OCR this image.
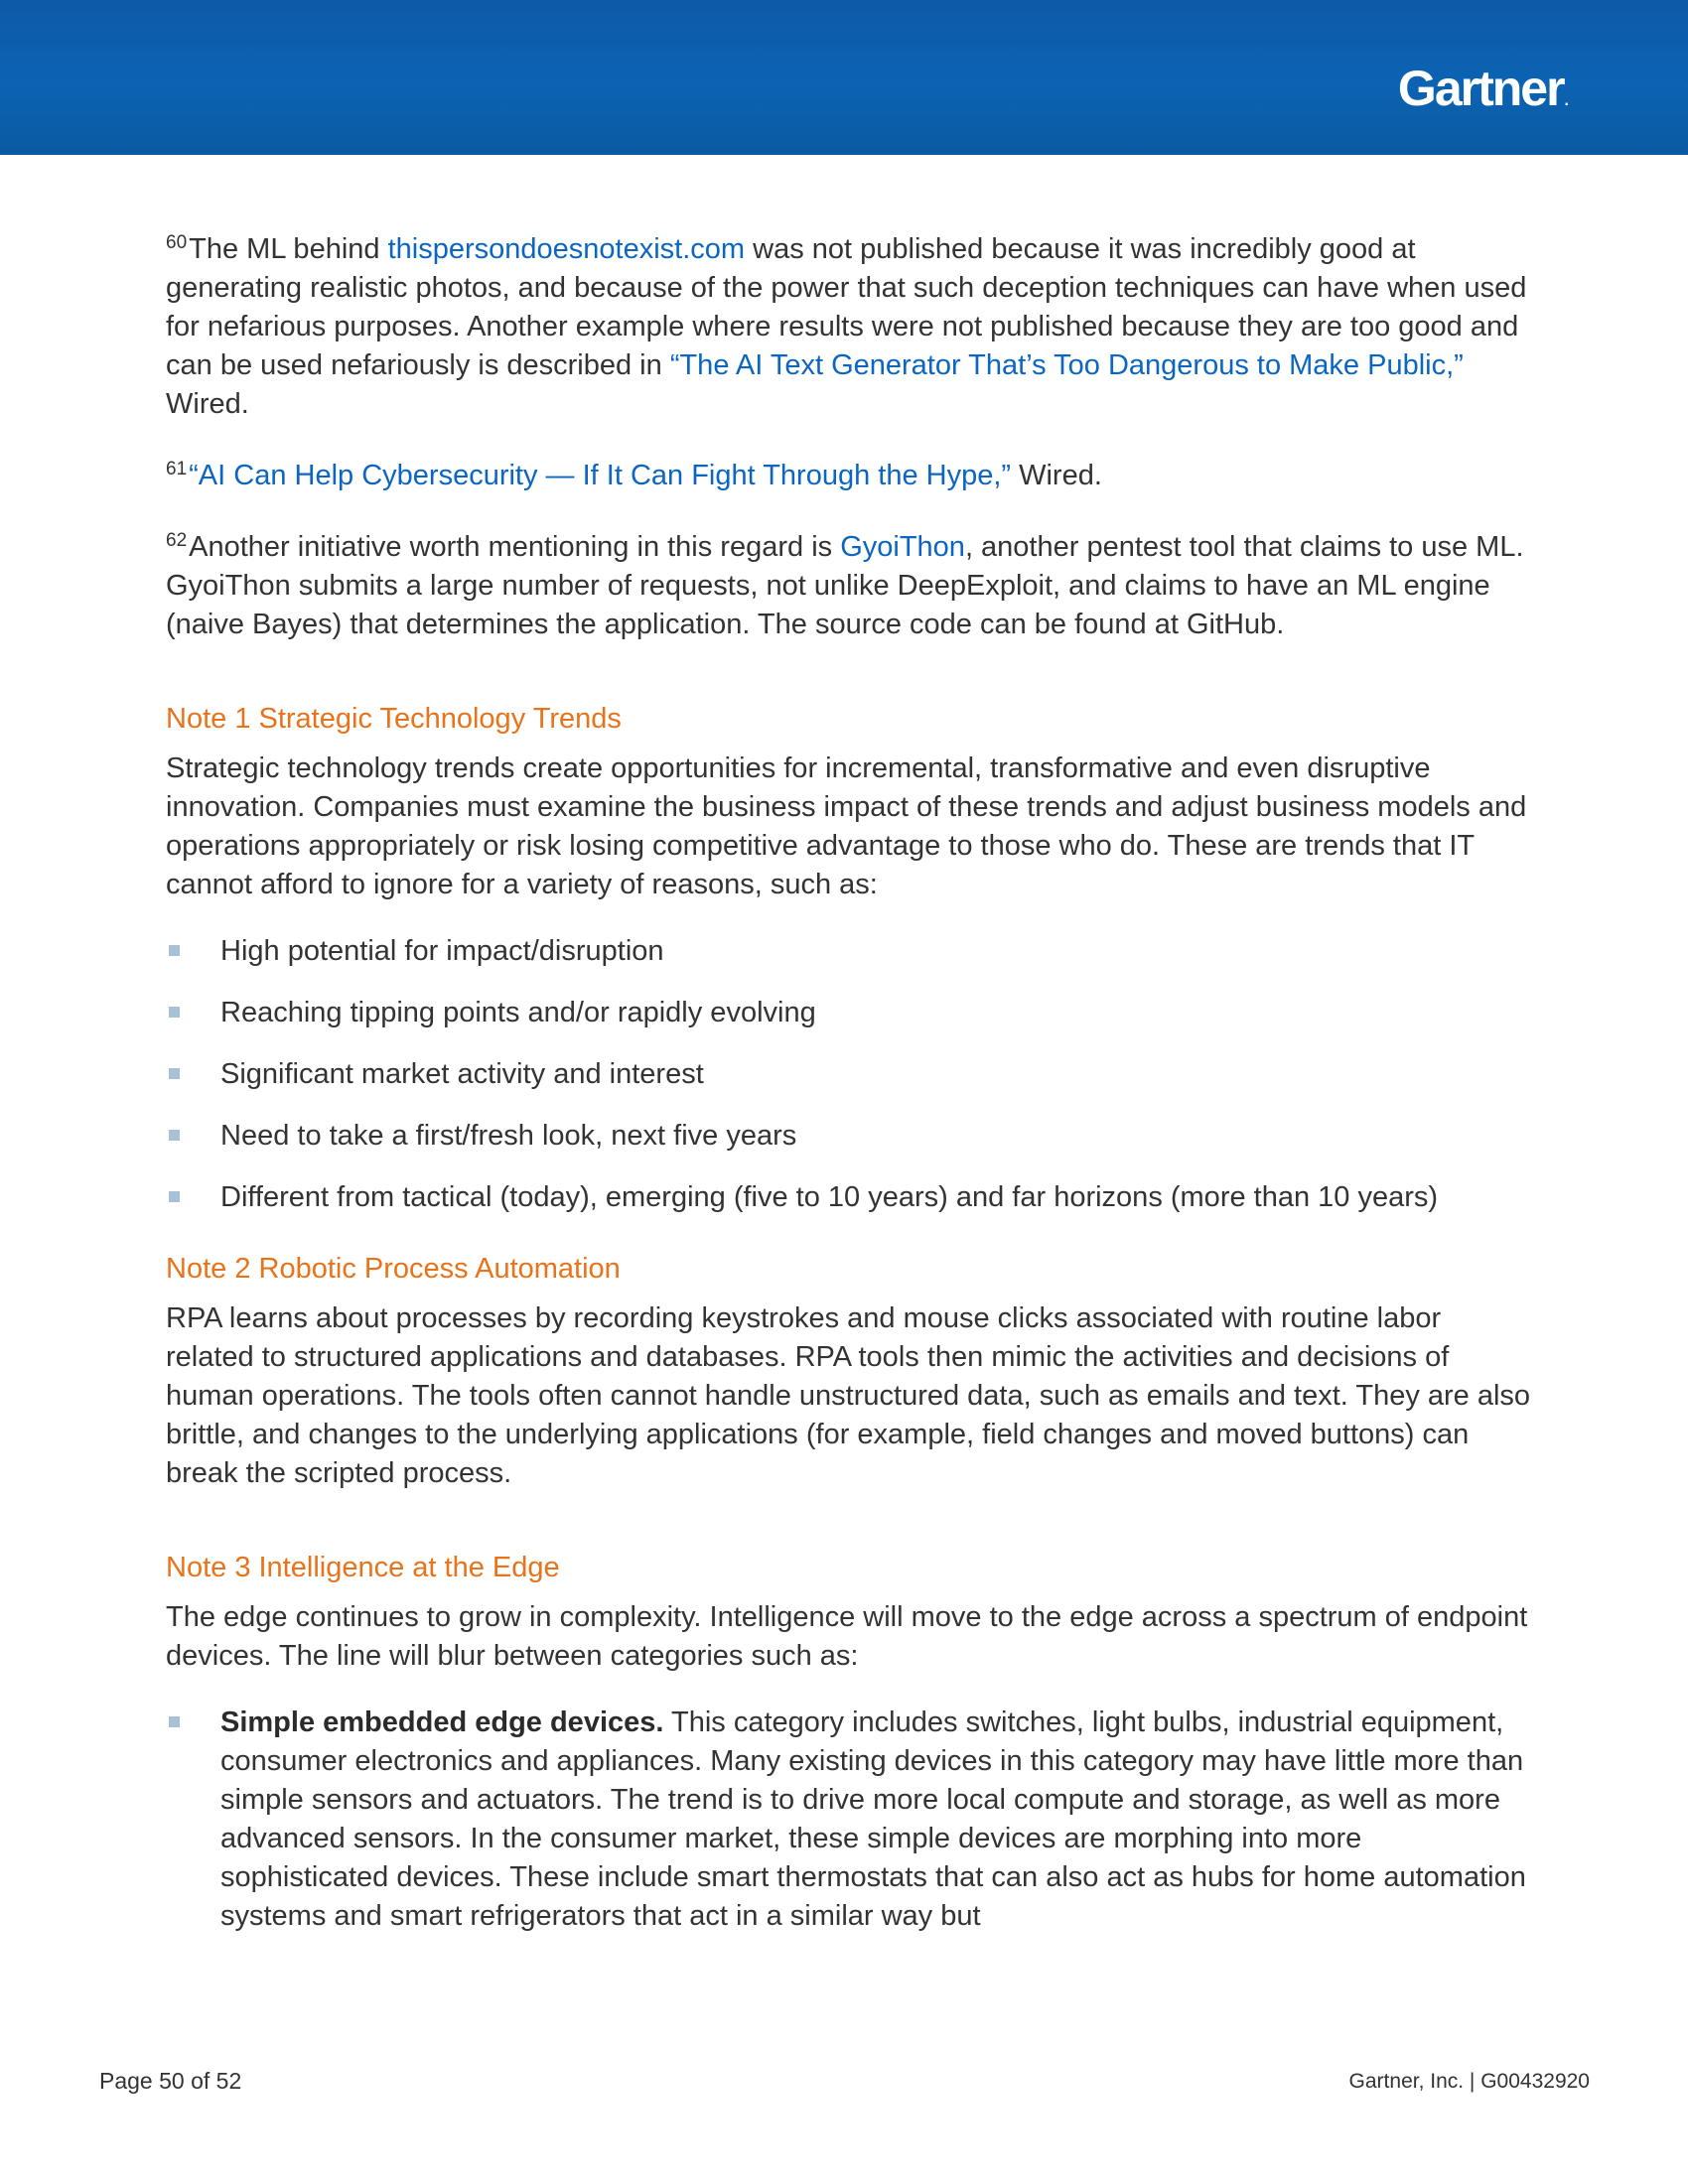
Gartner.

$^{60}$The ML behind thispersondoesnotexist.com was not published because it was incredibly good at generating realistic photos, and because of the power that such deception techniques can have when used for nefarious purposes. Another example where results were not published because they are too good and can be used nefariously is described in “The AI Text Generator That’s Too Dangerous to Make Public,” Wired.

$^{61}$“AI Can Help Cybersecurity — If It Can Fight Through the Hype,” Wired.

$^{62}$Another initiative worth mentioning in this regard is GyoiThon, another pentest tool that claims to use ML. GyoiThon submits a large number of requests, not unlike DeepExploit, and claims to have an ML engine (naive Bayes) that determines the application. The source code can be found at GitHub.

Note 1 Strategic Technology Trends

Strategic technology trends create opportunities for incremental, transformative and even disruptive innovation. Companies must examine the business impact of these trends and adjust business models and operations appropriately or risk losing competitive advantage to those who do. These are trends that IT cannot afford to ignore for a variety of reasons, such as:

High potential for impact/disruption
Reaching tipping points and/or rapidly evolving
Significant market activity and interest
Need to take a first/fresh look, next five years
Different from tactical (today), emerging (five to 10 years) and far horizons (more than 10 years)
Note 2 Robotic Process Automation

RPA learns about processes by recording keystrokes and mouse clicks associated with routine labor related to structured applications and databases. RPA tools then mimic the activities and decisions of human operations. The tools often cannot handle unstructured data, such as emails and text. They are also brittle, and changes to the underlying applications (for example, field changes and moved buttons) can break the scripted process.

Note 3 Intelligence at the Edge

The edge continues to grow in complexity. Intelligence will move to the edge across a spectrum of endpoint devices. The line will blur between categories such as:

Simple embedded edge devices. This category includes switches, light bulbs, industrial equipment, consumer electronics and appliances. Many existing devices in this category may have little more than simple sensors and actuators. The trend is to drive more local compute and storage, as well as more advanced sensors. In the consumer market, these simple devices are morphing into more sophisticated devices. These include smart thermostats that can also act as hubs for home automation systems and smart refrigerators that act in a similar way but
Page 50 of 52	Gartner, Inc. | G00432920
